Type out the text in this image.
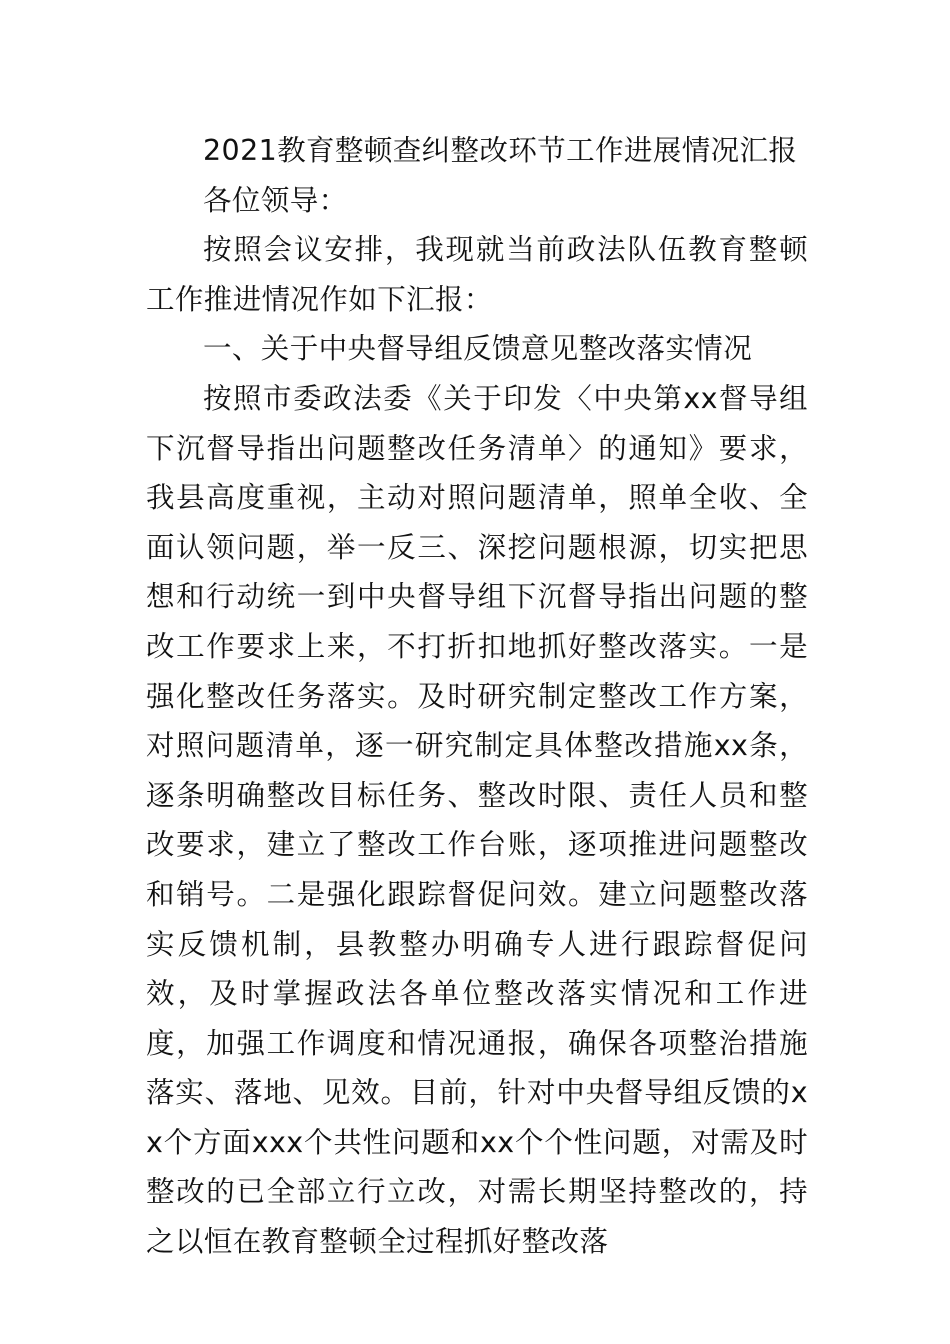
2021教育整顿查纠整改环节工作进展情况汇报

各位领导：

按照会议安排，我现就当前政法队伍教育整顿工作推进情况作如下汇报：

一、关于中央督导组反馈意见整改落实情况

按照市委政法委《关于印发〈中央第xx督导组下沉督导指出问题整改任务清单〉的通知》要求，我县高度重视，主动对照问题清单，照单全收、全面认领问题，举一反三、深挖问题根源，切实把思想和行动统一到中央督导组下沉督导指出问题的整改工作要求上来，不打折扣地抓好整改落实。一是强化整改任务落实。及时研究制定整改工作方案，对照问题清单，逐一研究制定具体整改措施xx条，逐条明确整改目标任务、整改时限、责任人员和整改要求，建立了整改工作台账，逐项推进问题整改和销号。二是强化跟踪督促问效。建立问题整改落实反馈机制，县教整办明确专人进行跟踪督促问效，及时掌握政法各单位整改落实情况和工作进度，加强工作调度和情况通报，确保各项整治措施落实、落地、见效。目前，针对中央督导组反馈的xx个方面xxx个共性问题和xx个个性问题，对需及时整改的已全部立行立改，对需长期坚持整改的，持之以恒在教育整顿全过程抓好整改落
